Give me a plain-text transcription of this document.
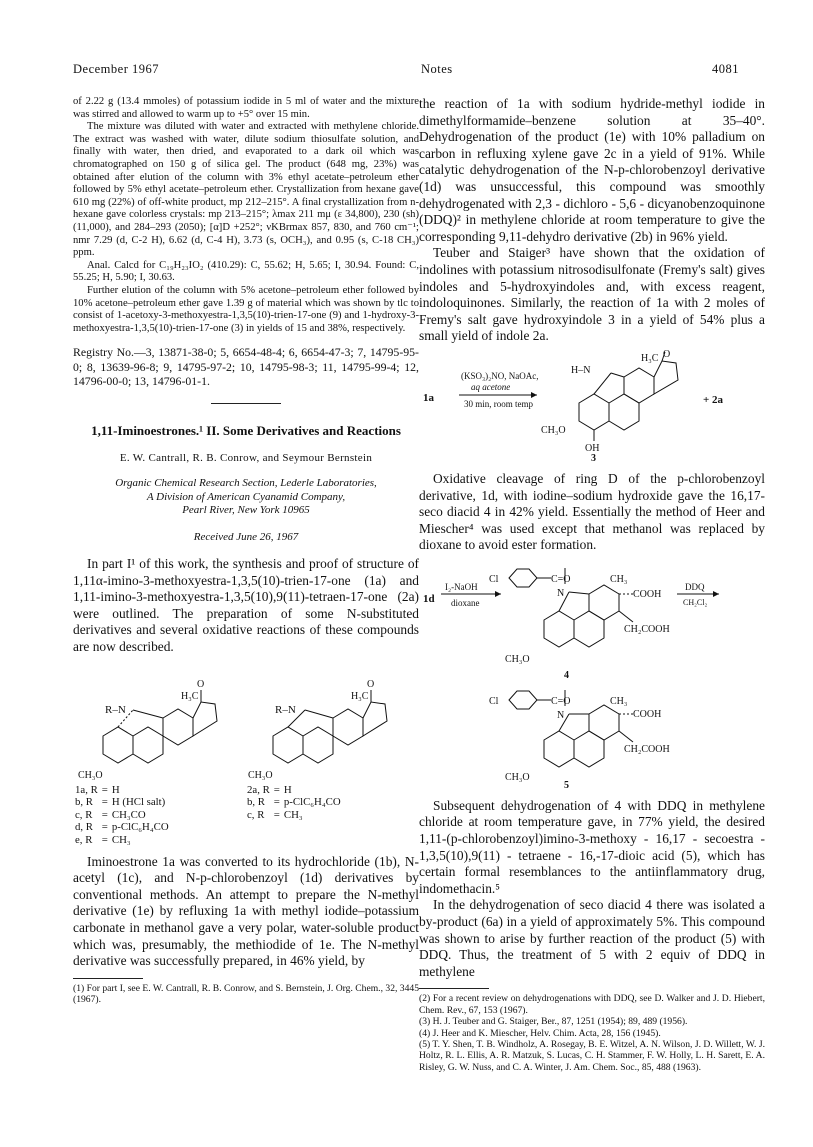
December 1967	Notes	4081

of 2.22 g (13.4 mmoles) of potassium iodide in 5 ml of water and the mixture was stirred and allowed to warm up to +5° over 15 min.

The mixture was diluted with water and extracted with methylene chloride. The extract was washed with water, dilute sodium thiosulfate solution, and finally with water, then dried, and evaporated to a dark oil which was chromatographed on 150 g of silica gel. The product (648 mg, 23%) was obtained after elution of the column with 3% ethyl acetate–petroleum ether followed by 5% ethyl acetate–petroleum ether. Crystallization from hexane gave 610 mg (22%) of off-white product, mp 212–215°. A final crystallization from n-hexane gave colorless crystals: mp 213–215°; λmax 211 mμ (ε 34,800), 230 (sh) (11,000), and 284–293 (2050); [α]D +252°; νKBrmax 857, 830, and 760 cm⁻¹; nmr 7.29 (d, C-2 H), 6.62 (d, C-4 H), 3.73 (s, OCH₃), and 0.95 (s, C-18 CH₃) ppm.

Anal. Calcd for C₁₉H₂₃IO₂ (410.29): C, 55.62; H, 5.65; I, 30.94. Found: C, 55.25; H, 5.90; I, 30.63.

Further elution of the column with 5% acetone–petroleum ether followed by 10% acetone–petroleum ether gave 1.39 g of material which was shown by tlc to consist of 1-acetoxy-3-methoxyestra-1,3,5(10)-trien-17-one (9) and 1-hydroxy-3-methoxyestra-1,3,5(10)-trien-17-one (3) in yields of 15 and 38%, respectively.

Registry No.—3, 13871-38-0; 5, 6654-48-4; 6, 6654-47-3; 7, 14795-95-0; 8, 13639-96-8; 9, 14795-97-2; 10, 14795-98-3; 11, 14795-99-4; 12, 14796-00-0; 13, 14796-01-1.

1,11-Iminoestrones.¹ II. Some Derivatives and Reactions
E. W. Cantrall, R. B. Conrow, and Seymour Bernstein
Organic Chemical Research Section, Lederle Laboratories,
A Division of American Cyanamid Company,
Pearl River, New York 10965
Received June 26, 1967

In part I¹ of this work, the synthesis and proof of structure of 1,11α-imino-3-methoxyestra-1,3,5(10)-trien-17-one (1a) and 1,11-imino-3-methoxyestra-1,3,5(10),9(11)-tetraen-17-one (2a) were outlined. The preparation of some N-substituted derivatives and several oxidative reactions of these compounds are now described.

R–N
H₃C
O
CH₃O
R–N
H₃C
O
CH₃O
1a, R	=	H
b, R	=	H (HCl salt)
c, R	=	CH₃CO
d, R	=	p-ClC₆H₄CO
e, R	=	CH₃
2a, R	=	H
b, R	=	p-ClC₆H₄CO
c, R	=	CH₃

Iminoestrone 1a was converted to its hydrochloride (1b), N-acetyl (1c), and N-p-chlorobenzoyl (1d) derivatives by conventional methods. An attempt to prepare the N-methyl derivative (1e) by refluxing 1a with methyl iodide–potassium carbonate in methanol gave a very polar, water-soluble product which was, presumably, the methiodide of 1e. The N-methyl derivative was successfully prepared, in 46% yield, by

(1) For part I, see E. W. Cantrall, R. B. Conrow, and S. Bernstein, J. Org. Chem., 32, 3445 (1967).

the reaction of 1a with sodium hydride-methyl iodide in dimethylformamide–benzene solution at 35–40°. Dehydrogenation of the product (1e) with 10% palladium on carbon in refluxing xylene gave 2c in a yield of 91%. While catalytic dehydrogenation of the N-p-chlorobenzoyl derivative (1d) was unsuccessful, this compound was smoothly dehydrogenated with 2,3 - dichloro - 5,6 - dicyanobenzoquinone (DDQ)² in methylene chloride at room temperature to give the corresponding 9,11-dehydro derivative (2b) in 96% yield.

Teuber and Staiger³ have shown that the oxidation of indolines with potassium nitrosodisulfonate (Fremy's salt) gives indoles and 5-hydroxyindoles and, with excess reagent, indoloquinones. Similarly, the reaction of 1a with 2 moles of Fremy's salt gave hydroxyindole 3 in a yield of 54% plus a small yield of indole 2a.

1a
(KSO₃)₂NO, NaOAc,
aq acetone
30 min, room temp
H–N
H₃C O
CH₃O
OH
3
+ 2a

Oxidative cleavage of ring D of the p-chlorobenzoyl derivative, 1d, with iodine–sodium hydroxide gave the 16,17-seco diacid 4 in 42% yield. Essentially the method of Heer and Miescher⁴ was used except that methanol was replaced by dioxane to avoid ester formation.

1d
I₂-NaOH
dioxane
Cl	C=O	CH₃
N	COOH
CH₂COOH
CH₃O
4
DDQ
CH₂Cl₂
Cl	C=O	CH₃
N	COOH
CH₂COOH
CH₃O
5

Subsequent dehydrogenation of 4 with DDQ in methylene chloride at room temperature gave, in 77% yield, the desired 1,11-(p-chlorobenzoyl)imino-3-methoxy - 16,17 - secoestra - 1,3,5(10),9(11) - tetraene - 16,-17-dioic acid (5), which has certain formal resemblances to the antiinflammatory drug, indomethacin.⁵

In the dehydrogenation of seco diacid 4 there was isolated a by-product (6a) in a yield of approximately 5%. This compound was shown to arise by further reaction of the product (5) with DDQ. Thus, the treatment of 5 with 2 equiv of DDQ in methylene

(2) For a recent review on dehydrogenations with DDQ, see D. Walker and J. D. Hiebert, Chem. Rev., 67, 153 (1967).

(3) H. J. Teuber and G. Staiger, Ber., 87, 1251 (1954); 89, 489 (1956).

(4) J. Heer and K. Miescher, Helv. Chim. Acta, 28, 156 (1945).

(5) T. Y. Shen, T. B. Windholz, A. Rosegay, B. E. Witzel, A. N. Wilson, J. D. Willett, W. J. Holtz, R. L. Ellis, A. R. Matzuk, S. Lucas, C. H. Stammer, F. W. Holly, L. H. Sarett, E. A. Risley, G. W. Nuss, and C. A. Winter, J. Am. Chem. Soc., 85, 488 (1963).
